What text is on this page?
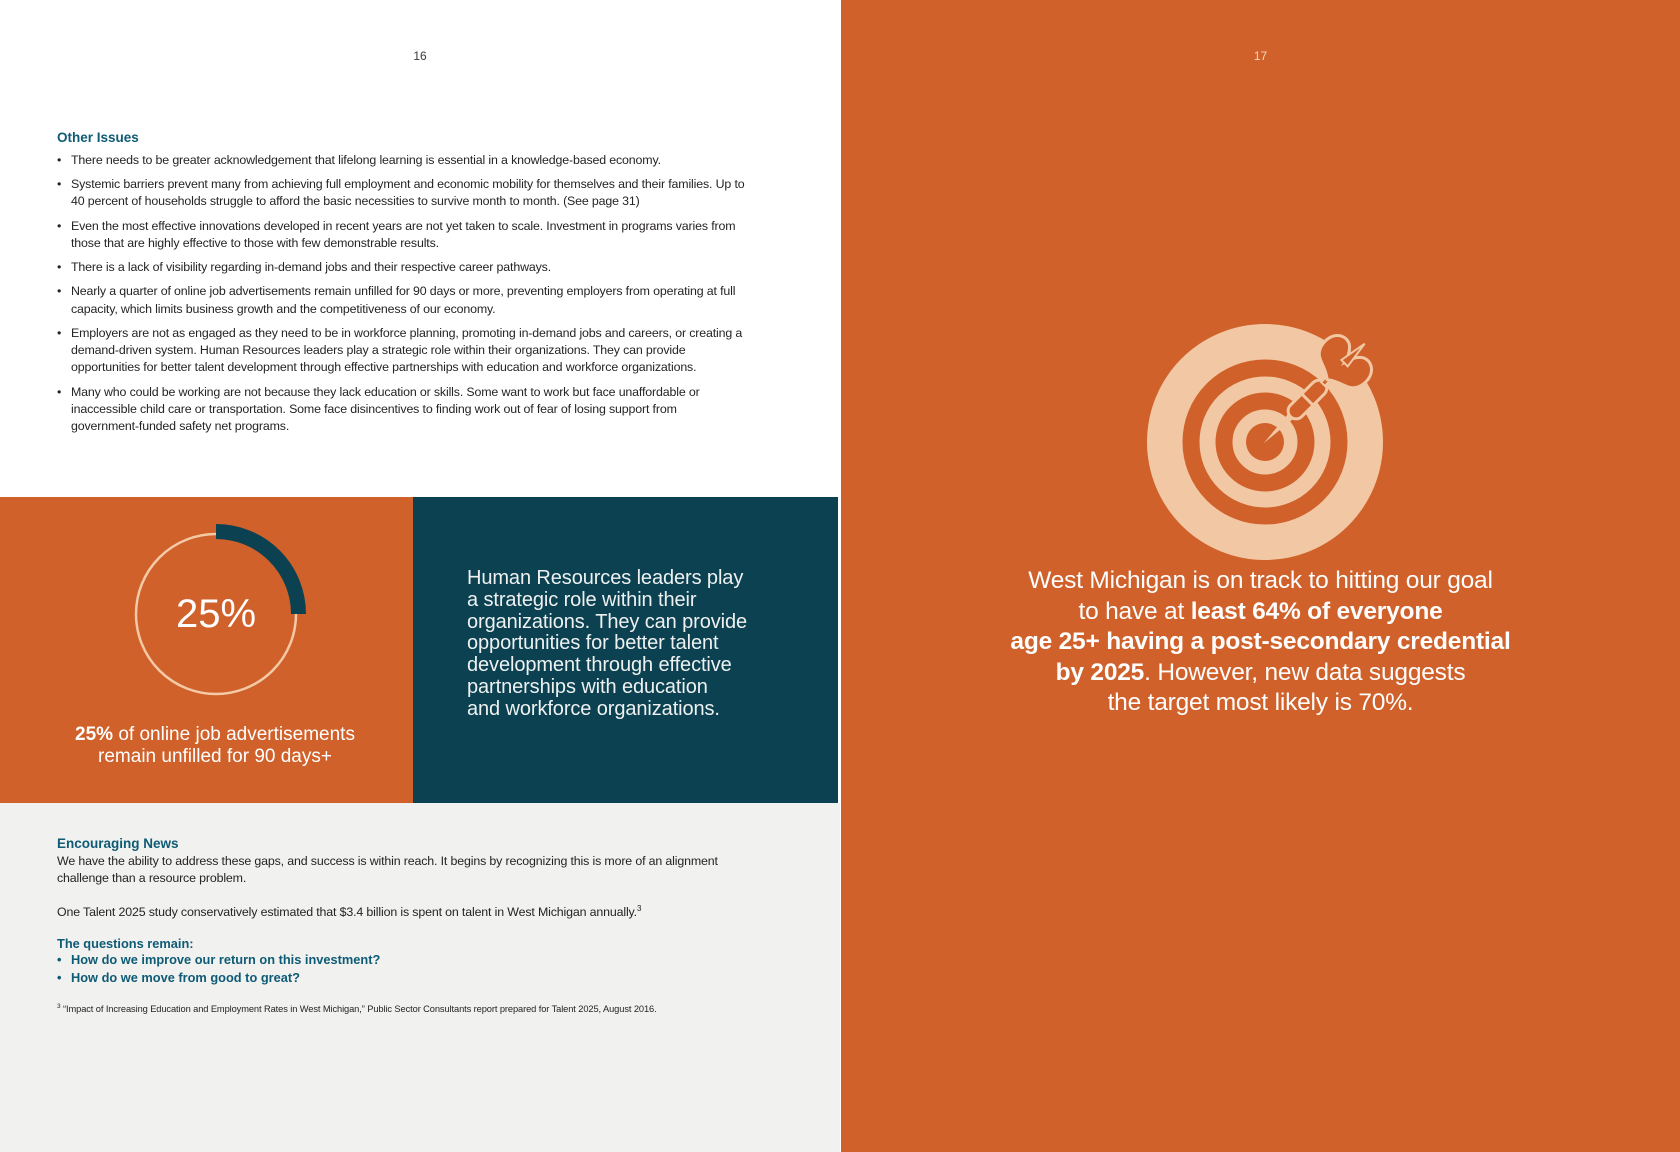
16
Other Issues
• There needs to be greater acknowledgement that lifelong learning is essential in a knowledge-based economy.
• Systemic barriers prevent many from achieving full employment and economic mobility for themselves and their families. Up to 40 percent of households struggle to afford the basic necessities to survive month to month. (See page 31)
• Even the most effective innovations developed in recent years are not yet taken to scale. Investment in programs varies from those that are highly effective to those with few demonstrable results.
• There is a lack of visibility regarding in-demand jobs and their respective career pathways.
• Nearly a quarter of online job advertisements remain unfilled for 90 days or more, preventing employers from operating at full capacity, which limits business growth and the competitiveness of our economy.
• Employers are not as engaged as they need to be in workforce planning, promoting in-demand jobs and careers, or creating a demand-driven system. Human Resources leaders play a strategic role within their organizations. They can provide opportunities for better talent development through effective partnerships with education and workforce organizations.
• Many who could be working are not because they lack education or skills. Some want to work but face unaffordable or inaccessible child care or transportation. Some face disincentives to finding work out of fear of losing support from government-funded safety net programs.
25%
25% of online job advertisements
remain unfilled for 90 days+
Human Resources leaders play
a strategic role within their
organizations. They can provide
opportunities for better talent
development through effective
partnerships with education
and workforce organizations.
Encouraging News

We have the ability to address these gaps, and success is within reach. It begins by recognizing this is more of an alignment challenge than a resource problem.

One Talent 2025 study conservatively estimated that $3.4 billion is spent on talent in West Michigan annually.$^3$

The questions remain:
• How do we improve our return on this investment?
• How do we move from good to great?
$^3$ “Impact of Increasing Education and Employment Rates in West Michigan,” Public Sector Consultants report prepared for Talent 2025, August 2016.
17
West Michigan is on track to hitting our goal
to have at least 64% of everyone
age 25+ having a post-secondary credential
by 2025. However, new data suggests
the target most likely is 70%.
